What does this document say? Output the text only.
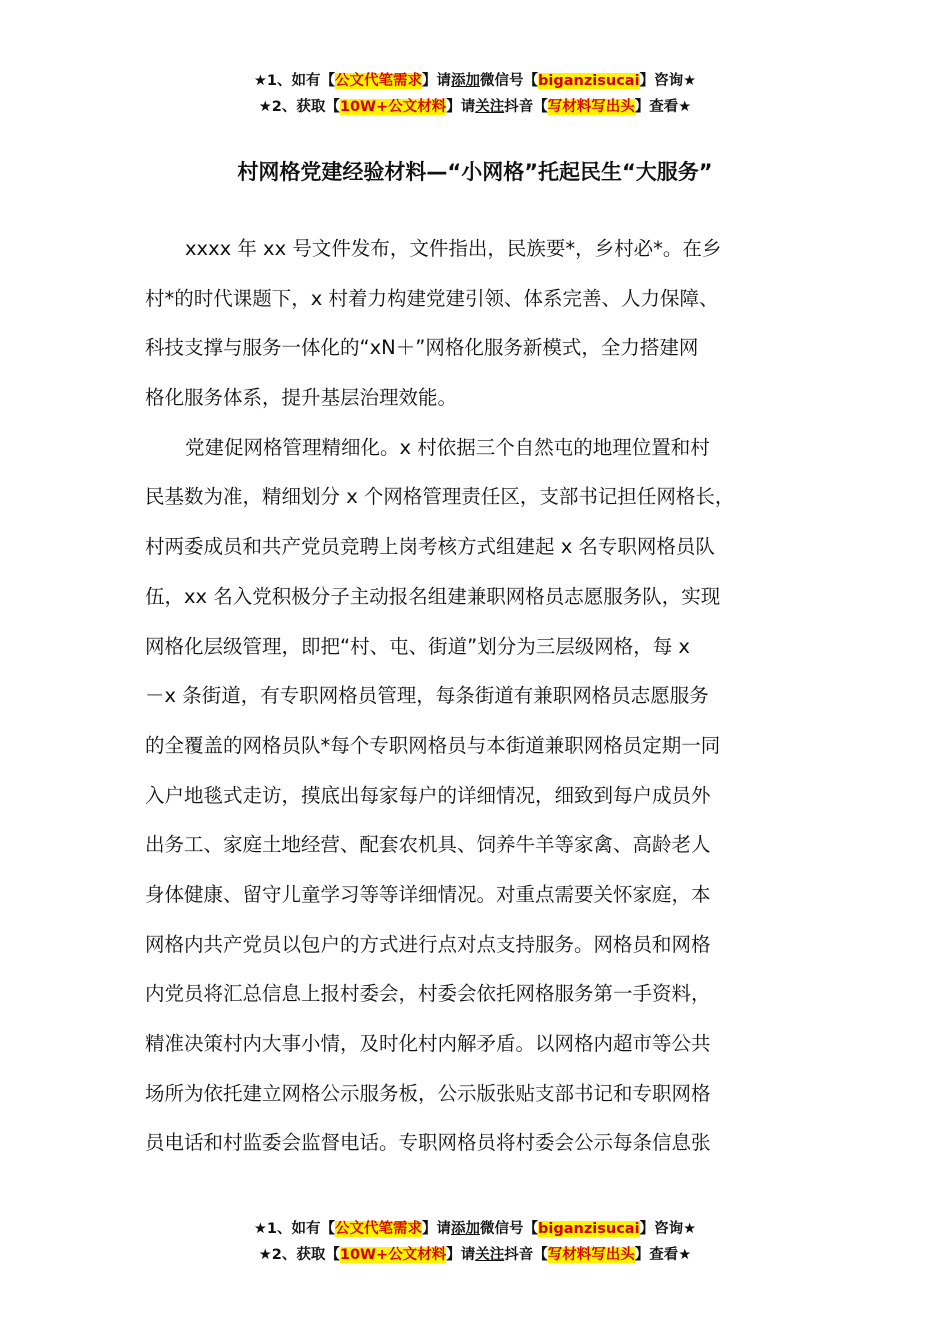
★1、如有【公文代笔需求】请添加微信号【biganzisucai】咨询★
★2、获取【10W+公文材料】请关注抖音【写材料写出头】查看★
村网格党建经验材料—“小网格”托起民生“大服务”
xxxx 年 xx 号文件发布，文件指出，民族要*，乡村必*。在乡
村*的时代课题下，x 村着力构建党建引领、体系完善、人力保障、
科技支撑与服务一体化的“xN＋”网格化服务新模式，全力搭建网
格化服务体系，提升基层治理效能。
党建促网格管理精细化。x 村依据三个自然屯的地理位置和村
民基数为准，精细划分 x 个网格管理责任区，支部书记担任网格长，
村两委成员和共产党员竞聘上岗考核方式组建起 x 名专职网格员队
伍，xx 名入党积极分子主动报名组建兼职网格员志愿服务队，实现
网格化层级管理，即把“村、屯、街道”划分为三层级网格，每 x
－x 条街道，有专职网格员管理，每条街道有兼职网格员志愿服务
的全覆盖的网格员队*每个专职网格员与本街道兼职网格员定期一同
入户地毯式走访，摸底出每家每户的详细情况，细致到每户成员外
出务工、家庭土地经营、配套农机具、饲养牛羊等家禽、高龄老人
身体健康、留守儿童学习等等详细情况。对重点需要关怀家庭，本
网格内共产党员以包户的方式进行点对点支持服务。网格员和网格
内党员将汇总信息上报村委会，村委会依托网格服务第一手资料，
精准决策村内大事小情，及时化村内解矛盾。以网格内超市等公共
场所为依托建立网格公示服务板，公示版张贴支部书记和专职网格
员电话和村监委会监督电话。专职网格员将村委会公示每条信息张
★1、如有【公文代笔需求】请添加微信号【biganzisucai】咨询★
★2、获取【10W+公文材料】请关注抖音【写材料写出头】查看★
